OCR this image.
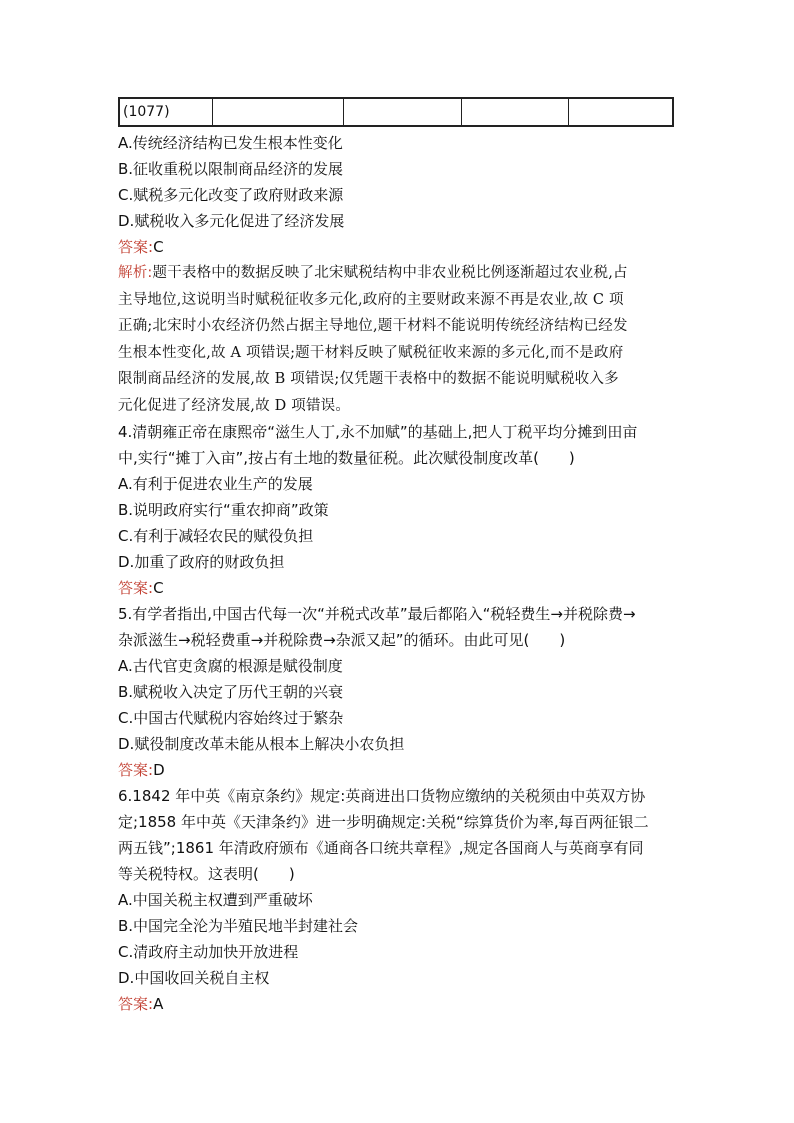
(1077)				
A.传统经济结构已发生根本性变化
B.征收重税以限制商品经济的发展
C.赋税多元化改变了政府财政来源
D.赋税收入多元化促进了经济发展
答案:C
解析:题干表格中的数据反映了北宋赋税结构中非农业税比例逐渐超过农业税,占
主导地位,这说明当时赋税征收多元化,政府的主要财政来源不再是农业,故 C 项
正确;北宋时小农经济仍然占据主导地位,题干材料不能说明传统经济结构已经发
生根本性变化,故 A 项错误;题干材料反映了赋税征收来源的多元化,而不是政府
限制商品经济的发展,故 B 项错误;仅凭题干表格中的数据不能说明赋税收入多
元化促进了经济发展,故 D 项错误。
4.清朝雍正帝在康熙帝“滋生人丁,永不加赋”的基础上,把人丁税平均分摊到田亩
中,实行“摊丁入亩”,按占有土地的数量征税。此次赋役制度改革(　　)
A.有利于促进农业生产的发展
B.说明政府实行“重农抑商”政策
C.有利于减轻农民的赋役负担
D.加重了政府的财政负担
答案:C
5.有学者指出,中国古代每一次“并税式改革”最后都陷入“税轻费生→并税除费→
杂派滋生→税轻费重→并税除费→杂派又起”的循环。由此可见(　　)
A.古代官吏贪腐的根源是赋役制度
B.赋税收入决定了历代王朝的兴衰
C.中国古代赋税内容始终过于繁杂
D.赋役制度改革未能从根本上解决小农负担
答案:D
6.1842 年中英《南京条约》规定:英商进出口货物应缴纳的关税须由中英双方协
定;1858 年中英《天津条约》进一步明确规定:关税“综算货价为率,每百两征银二
两五钱”;1861 年清政府颁布《通商各口统共章程》,规定各国商人与英商享有同
等关税特权。这表明(　　)
A.中国关税主权遭到严重破坏
B.中国完全沦为半殖民地半封建社会
C.清政府主动加快开放进程
D.中国收回关税自主权
答案:A
